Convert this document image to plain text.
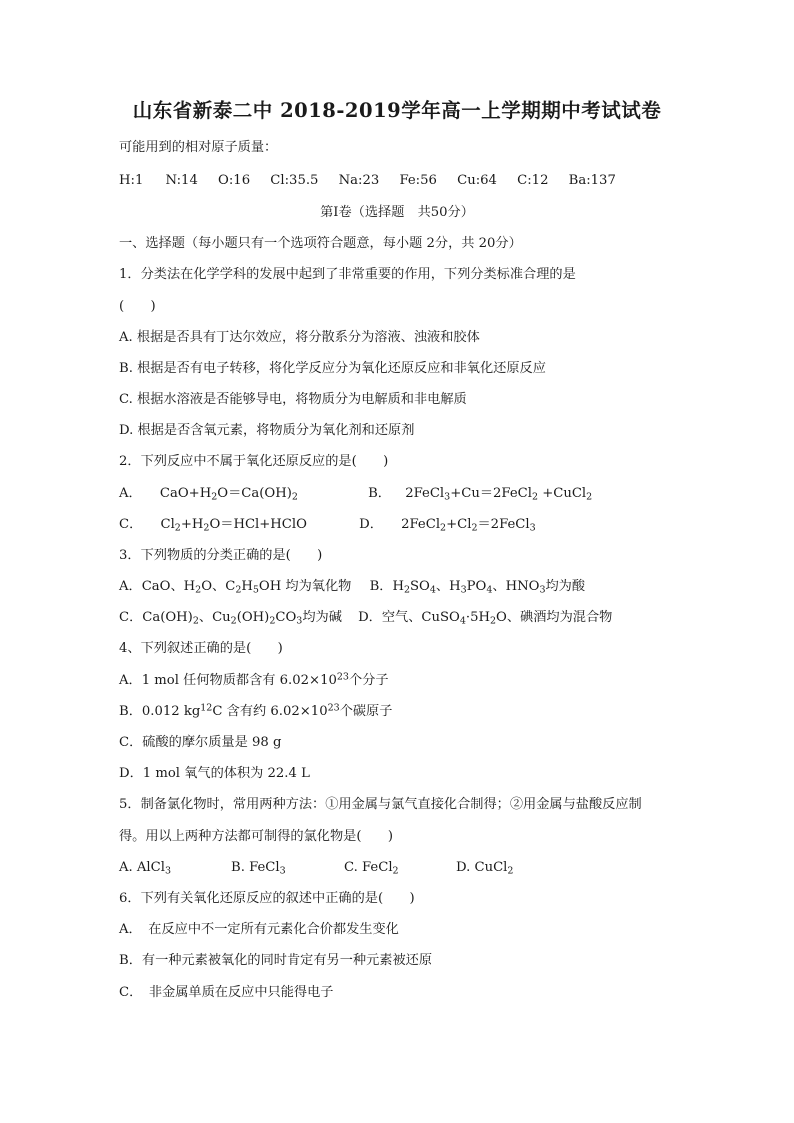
山东省新泰二中 2018-2019学年高一上学期期中考试试卷
可能用到的相对原子质量：
H:1 N:14 O:16 Cl:35.5 Na:23 Fe:56 Cu:64 C:12 Ba:137
第Ⅰ卷（选择题　共50分）
一、选择题（每小题只有一个选项符合题意，每小题 2分，共 20分）
1．分类法在化学学科的发展中起到了非常重要的作用，下列分类标准合理的是
(　　)
A. 根据是否具有丁达尔效应，将分散系分为溶液、浊液和胶体
B. 根据是否有电子转移，将化学反应分为氧化还原反应和非氧化还原反应
C. 根据水溶液是否能够导电，将物质分为电解质和非电解质
D. 根据是否含氧元素，将物质分为氧化剂和还原剂
2．下列反应中不属于氧化还原反应的是(　　)
A． $CaO+H_2O=Ca(OH)_2$	B． 2FeCl$_3$+Cu＝2FeCl$_2$ +CuCl$_2$
C． $Cl_2+H_2O=HCl+HClO$	D． $2FeCl_2+Cl_2=2FeCl_3$
3．下列物质的分类正确的是(　　)
A．CaO、$H_2O$、$C_2H_5OH$ 均为氧化物 B．$H_2SO_4$、$H_3PO_4$、$HNO_3$均为酸
C．$Ca(OH)_2$、$Cu_2(OH)_2CO_3$均为碱 D．空气、$CuSO_4\cdot 5H_2O$、碘酒均为混合物
4、下列叙述正确的是(　　)
A．1 mol 任何物质都含有 $6.02\times 10^{23}$个分子
B．0.012 $kg^{12}C$ 含有约 $6.02\times 10^{23}$个碳原子
C．硫酸的摩尔质量是 98 g
D．1 mol 氧气的体积为 22.4 L
5．制备氯化物时，常用两种方法：①用金属与氯气直接化合制得；②用金属与盐酸反应制
得。用以上两种方法都可制得的氯化物是(　　)
A. AlCl$_3$	B. FeCl$_3$	C. FeCl$_2$	D. CuCl$_2$
6．下列有关氧化还原反应的叙述中正确的是(　　)
A．　在反应中不一定所有元素化合价都发生变化
B．有一种元素被氧化的同时肯定有另一种元素被还原
C．　非金属单质在反应中只能得电子
